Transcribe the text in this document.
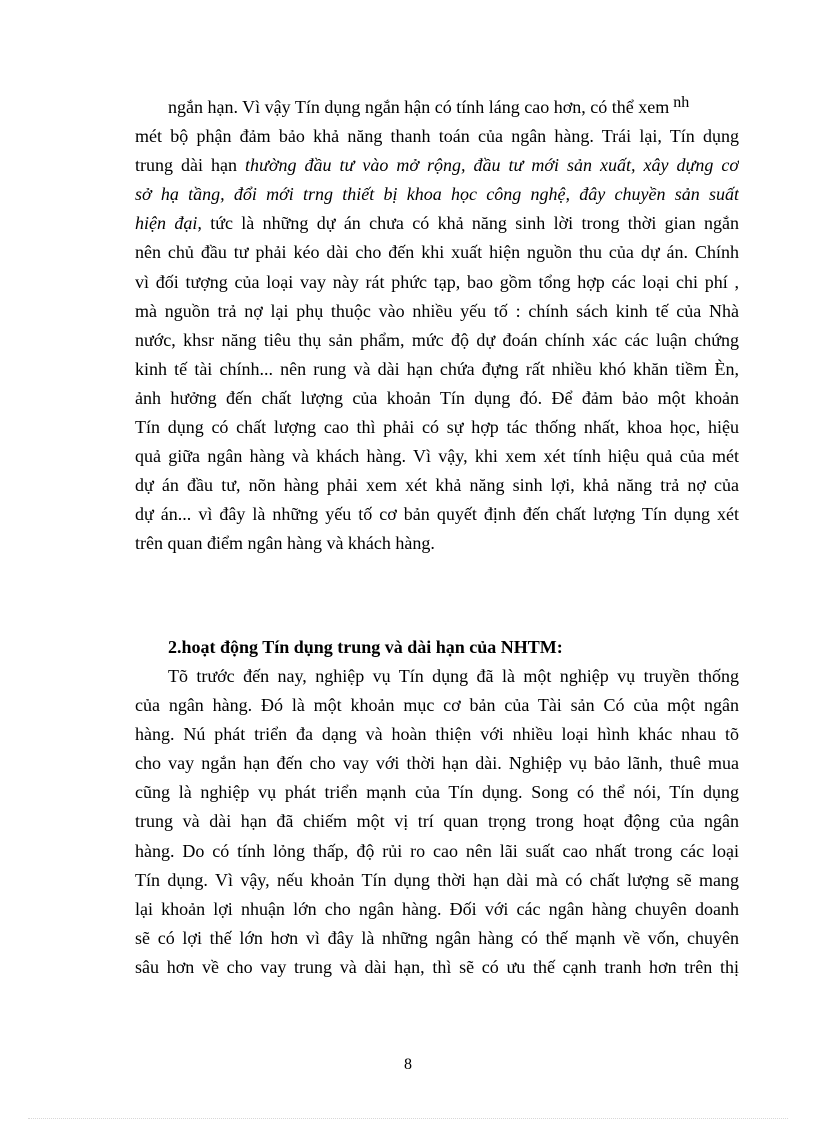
ngắn hạn. Vì vậy Tín dụng ngắn hận có tính láng cao hơn, có thể xem nh
mét bộ phận đảm bảo khả năng thanh toán của ngân hàng. Trái lại, Tín dụng
trung dài hạn thường đầu tư vào mở rộng, đầu tư mới sản xuất, xây dựng cơ
sở hạ tầng, đổi mới trng thiết bị khoa học công nghệ, đây chuyền sản suất
hiện đại, tức là những dự án chưa có khả năng sinh lời trong thời gian ngắn
nên chủ đầu tư phải kéo dài cho đến khi xuất hiện nguồn thu của dự án. Chính
vì đối tượng của loại vay này rát phức tạp, bao gồm tổng hợp các loại chi phí ,
mà nguồn trả nợ lại phụ thuộc vào nhiều yếu tố : chính sách kinh tế của Nhà
nước, khsr năng tiêu thụ sản phẩm, mức độ dự đoán chính xác các luận chứng
kinh tế tài chính... nên rung và dài hạn chứa đựng rất nhiều khó khăn tiềm Èn,
ảnh hưởng đến chất lượng của khoản Tín dụng đó. Để đảm bảo một khoản
Tín dụng có chất lượng cao thì phải có sự hợp tác thống nhất, khoa học, hiệu
quả giữa ngân hàng và khách hàng. Vì vậy, khi xem xét tính hiệu quả của mét
dự án đầu tư, nõn hàng phải xem xét khả năng sinh lợi, khả năng trả nợ của
dự án... vì đây là những yếu tố cơ bản quyết định đến chất lượng Tín dụng xét
trên quan điểm ngân hàng và khách hàng.
2.hoạt động Tín dụng trung và dài hạn của NHTM:
Tõ trước đến nay, nghiệp vụ Tín dụng đã là một nghiệp vụ truyền thống
của ngân hàng. Đó là một khoản mục cơ bản của Tài sản Có của một ngân
hàng. Nú phát triển đa dạng và hoàn thiện với nhiều loại hình khác nhau tõ
cho vay ngắn hạn đến cho vay với thời hạn dài. Nghiệp vụ bảo lãnh, thuê mua
cũng là nghiệp vụ phát triển mạnh của Tín dụng. Song có thể nói, Tín dụng
trung và dài hạn đã chiếm một vị trí quan trọng trong hoạt động của ngân
hàng. Do có tính lỏng thấp, độ rủi ro cao nên lãi suất cao nhất trong các loại
Tín dụng. Vì vậy, nếu khoản Tín dụng thời hạn dài mà có chất lượng sẽ mang
lại khoản lợi nhuận lớn cho ngân hàng. Đối với các ngân hàng chuyên doanh
sẽ có lợi thế lớn hơn vì đây là những ngân hàng có thế mạnh về vốn, chuyên
sâu hơn về cho vay trung và dài hạn, thì sẽ có ưu thế cạnh tranh hơn trên thị
8
